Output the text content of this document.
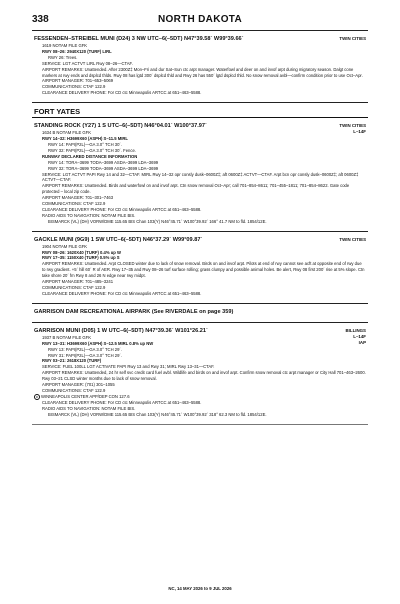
338	NORTH DAKOTA
TWIN CITIES
FESSENDEN–STREIBEL MUNI (D24) 3 NW UTC–6(–5DT) N47°39.58´ W99°39.66´
1619 NOTAM FILE GFK
RWY 08–26: 2940X120 (TURF) LIRL
RWY 26: Trees.
SERVICE: LGT ACTVT LIRL Rwy 08–26—CTAF.
AIRPORT REMARKS: Unattended. After 2300Z‡ Mon–Fri and dur Sat–Sun ctc arpt manager. Waterfowl and deer on and invof arpt during migratory season. Dalgt cone markers at rwy ends and dsplcd thlds. Rwy 08 has lgtd 300´ dsplcd thld and Rwy 26 has 550´ lgtd dsplcd thld. No snow removal avbl—confirm condition prior to use Oct–Apr.
AIRPORT MANAGER: 701–653–5069
COMMUNICATIONS: CTAF 122.9
CLEARANCE DELIVERY PHONE: For CD ctc Minneapolis ARTCC at 651–463–5588.
FORT YATES
TWIN CITIES
L–14F
STANDING ROCK (Y27) 1 S UTC–6(–5DT) N46°04.01´ W100°37.97´
1634 B NOTAM FILE GFK
RWY 14–32: H3699X60 (ASPH) S–11.5 MIRL
RWY 14: PAPI(P2L)—GA 3.0° TCH 30´.
RWY 32: PAPI(P2L)—GA 3.0° TCH 30´. Fence.
RUNWAY DECLARED DISTANCE INFORMATION
RWY 14: TORA–3699 TODA–3699 ASDA–3699 LDA–3699
RWY 32: TORA–3699 TODA–3699 ASDA–3699 LDA–3699
SERVICE: LGT ACTVT PAPI Rwy 14 and 32—CTAF. MIRL Rwy 14–32 opr consly dusk–0600Z‡; aft 0600Z‡ ACTVT—CTAF. Arpt bcn opr consly dusk–0600Z‡; aft 0600Z‡ ACTVT—CTAF.
AIRPORT REMARKS: Unattended. Birds and waterfowl on and invof arpt. Ctn snow removal Oct–Apr; call 701–854–8611; 701–455–1811; 701–854–8622. Gate code protected – local zip code.
AIRPORT MANAGER: 701–301–7463
COMMUNICATIONS: CTAF 122.9
CLEARANCE DELIVERY PHONE: For CD ctc Minneapolis ARTCC at 651–463–5588.
RADIO AIDS TO NAVIGATION: NOTAM FILE BIS.
BISMARCK (VL) (DH) VORW/DME 115.65 BIS Chan 103(Y) N46°45.71´ W100°39.92´ 166° 41.7 NM to fld. 1854/12E.
TWIN CITIES
GACKLE MUNI (9G9) 1 SW UTC–6(–5DT) N46°37.29´ W99°09.87´
1904 NOTAM FILE GFK
RWY 08–26: 1620X40 (TURF) 0.4% up W
RWY 17–35: 1150X40 (TURF) 0.5% up S
AIRPORT REMARKS: Unattended. Arpt CLOSED winter due to lack of snow removal. Birds on and invof arpt. Pilots at end of rwy cannot see acft at opposite end of rwy due to rwy gradient. +5´ hill 60´ R of AER. Rwy 17–35 and Rwy 08–26 turf surface rolling; grass clumpy and possible animal holes. Be alert, Rwy 08 first 200´ rise at 5% slope. Ctn take shore 20´ fm Rwy 8 and 26 N edge near rwy midpt.
AIRPORT MANAGER: 701–485–3241
COMMUNICATIONS: CTAF 122.9
CLEARANCE DELIVERY PHONE: For CD ctc Minneapolis ARTCC at 651–463–5588.
GARRISON DAM RECREATIONAL AIRPARK (See RIVERDALE on page 359)
BILLINGS
L–14F
IAP
GARRISON MUNI (D05) 1 W UTC–6(–5DT) N47°39.36´ W101°26.21´
1937 B NOTAM FILE GFK
RWY 13–31: H3699X60 (ASPH) S–12.5 MIRL 0.8% up NW
RWY 13: PAPI(P2L)—GA 3.0° TCH 29´.
RWY 31: PAPI(P2L)—GA 3.0° TCH 29´.
RWY 03–21: 2618X120 (TURF)
SERVICE: FUEL 100LL LGT ACTIVATE PAPI Rwy 13 and Rwy 31; MIRL Rwy 13–31—CTAF.
AIRPORT REMARKS: Unattended, 24 hr self svc credit card fuel avbl. Wildlife and birds on and invof arpt. Confirm snow removal ctc arpt manager or City Hall 701–463–2600. Rwy 03–21 CLSD winter months due to lack of snow removal.
AIRPORT MANAGER: (701) 301–1055
COMMUNICATIONS: CTAF 122.9
R WINNEAPOLIS CENTER APP/DEP CON 127.6
CLEARANCE DELIVERY PHONE: For CD ctc Minneapolis ARTCC at 651–463–5588.
RADIO AIDS TO NAVIGATION: NOTAM FILE BIS.
BISMARCK (VL) (DH) VORW/DME 115.65 BIS Chan 103(Y) N46°45.71´ W100°39.92´ 318° 62.3 NM to fld. 1854/12E.
NC, 14 MAY 2026 to 9 JUL 2026
